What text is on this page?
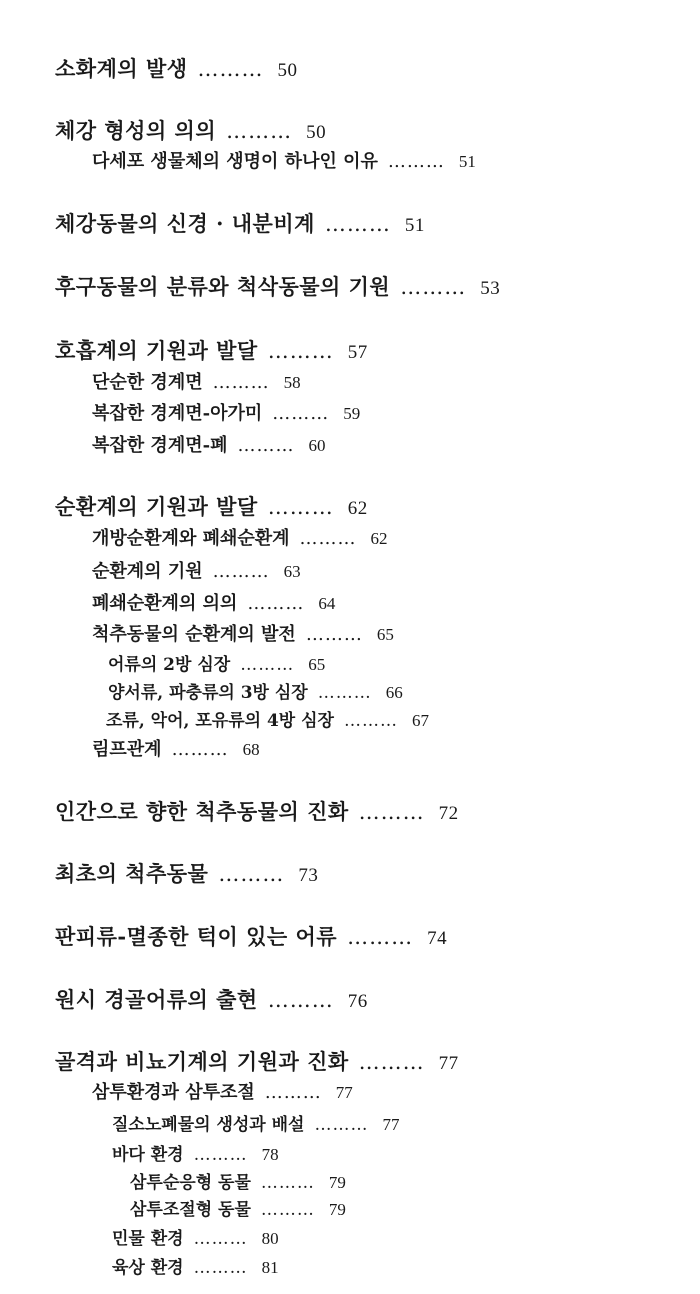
소화계의 발생 ……… 50
체강 형성의 의의 ……… 50
다세포 생물체의 생명이 하나인 이유 ……… 51
체강동물의 신경 · 내분비계 ……… 51
후구동물의 분류와 척삭동물의 기원 ……… 53
호흡계의 기원과 발달 ……… 57
단순한 경계면 ……… 58
복잡한 경계면-아가미 ……… 59
복잡한 경계면-폐 ……… 60
순환계의 기원과 발달 ……… 62
개방순환계와 폐쇄순환계 ……… 62
순환계의 기원 ……… 63
폐쇄순환계의 의의 ……… 64
척추동물의 순환계의 발전 ……… 65
어류의 2방 심장 ……… 65
양서류, 파충류의 3방 심장 ……… 66
조류, 악어, 포유류의 4방 심장 ……… 67
림프관계 ……… 68
인간으로 향한 척추동물의 진화 ……… 72
최초의 척추동물 ……… 73
판피류-멸종한 턱이 있는 어류 ……… 74
원시 경골어류의 출현 ……… 76
골격과 비뇨기계의 기원과 진화 ……… 77
삼투환경과 삼투조절 ……… 77
질소노폐물의 생성과 배설 ……… 77
바다 환경 ……… 78
삼투순응형 동물 ……… 79
삼투조절형 동물 ……… 79
민물 환경 ……… 80
육상 환경 ……… 81
